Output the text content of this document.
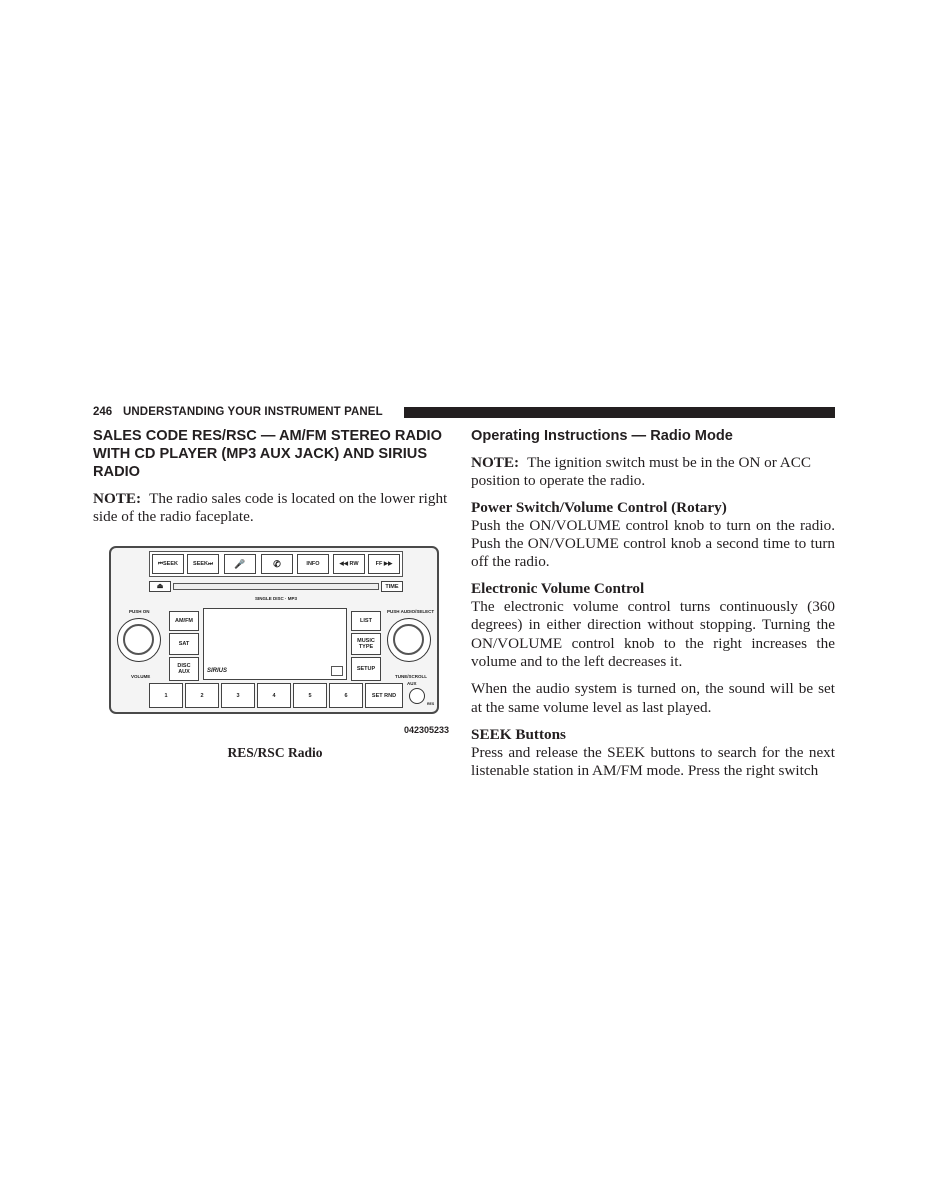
246 UNDERSTANDING YOUR INSTRUMENT PANEL
SALES CODE RES/RSC — AM/FM STEREO RADIO WITH CD PLAYER (MP3 AUX JACK) AND SIRIUS RADIO

NOTE: The radio sales code is located on the lower right side of the radio faceplate.

⏮SEEK	SEEK⏭	🎤	✆	INFO	◀◀ RW	FF ▶▶
⏏	TIME
SINGLE DISC · MP3
PUSH ON
VOLUME
PUSH AUDIO/SELECT
TUNE/SCROLL
AM/FM
SAT
DISC AUX	SIRIUS
LIST
MUSIC TYPE
SETUP
1	2	3	4	5	6	SET RND
AUX
RES
042305233
RES/RSC Radio
Operating Instructions — Radio Mode

NOTE: The ignition switch must be in the ON or ACC position to operate the radio.

Power Switch/Volume Control (Rotary)

Push the ON/VOLUME control knob to turn on the radio. Push the ON/VOLUME control knob a second time to turn off the radio.

Electronic Volume Control

The electronic volume control turns continuously (360 degrees) in either direction without stopping. Turning the ON/VOLUME control knob to the right increases the volume and to the left decreases it.

When the audio system is turned on, the sound will be set at the same volume level as last played.

SEEK Buttons

Press and release the SEEK buttons to search for the next listenable station in AM/FM mode. Press the right switch
